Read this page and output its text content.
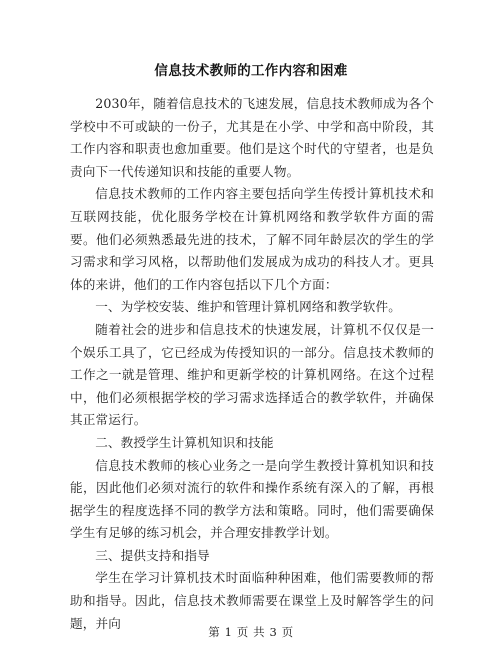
信息技术教师的工作内容和困难

2030年，随着信息技术的飞速发展，信息技术教师成为各个学校中不可或缺的一份子，尤其是在小学、中学和高中阶段，其工作内容和职责也愈加重要。他们是这个时代的守望者，也是负责向下一代传递知识和技能的重要人物。

信息技术教师的工作内容主要包括向学生传授计算机技术和互联网技能，优化服务学校在计算机网络和教学软件方面的需要。他们必须熟悉最先进的技术，了解不同年龄层次的学生的学习需求和学习风格，以帮助他们发展成为成功的科技人才。更具体的来讲，他们的工作内容包括以下几个方面：

一、为学校安装、维护和管理计算机网络和教学软件。

随着社会的进步和信息技术的快速发展，计算机不仅仅是一个娱乐工具了，它已经成为传授知识的一部分。信息技术教师的工作之一就是管理、维护和更新学校的计算机网络。在这个过程中，他们必须根据学校的学习需求选择适合的教学软件，并确保其正常运行。

二、教授学生计算机知识和技能

信息技术教师的核心业务之一是向学生教授计算机知识和技能，因此他们必须对流行的软件和操作系统有深入的了解，再根据学生的程度选择不同的教学方法和策略。同时，他们需要确保学生有足够的练习机会，并合理安排教学计划。

三、提供支持和指导

学生在学习计算机技术时面临种种困难，他们需要教师的帮助和指导。因此，信息技术教师需要在课堂上及时解答学生的问题，并向

第 1 页 共 3 页
